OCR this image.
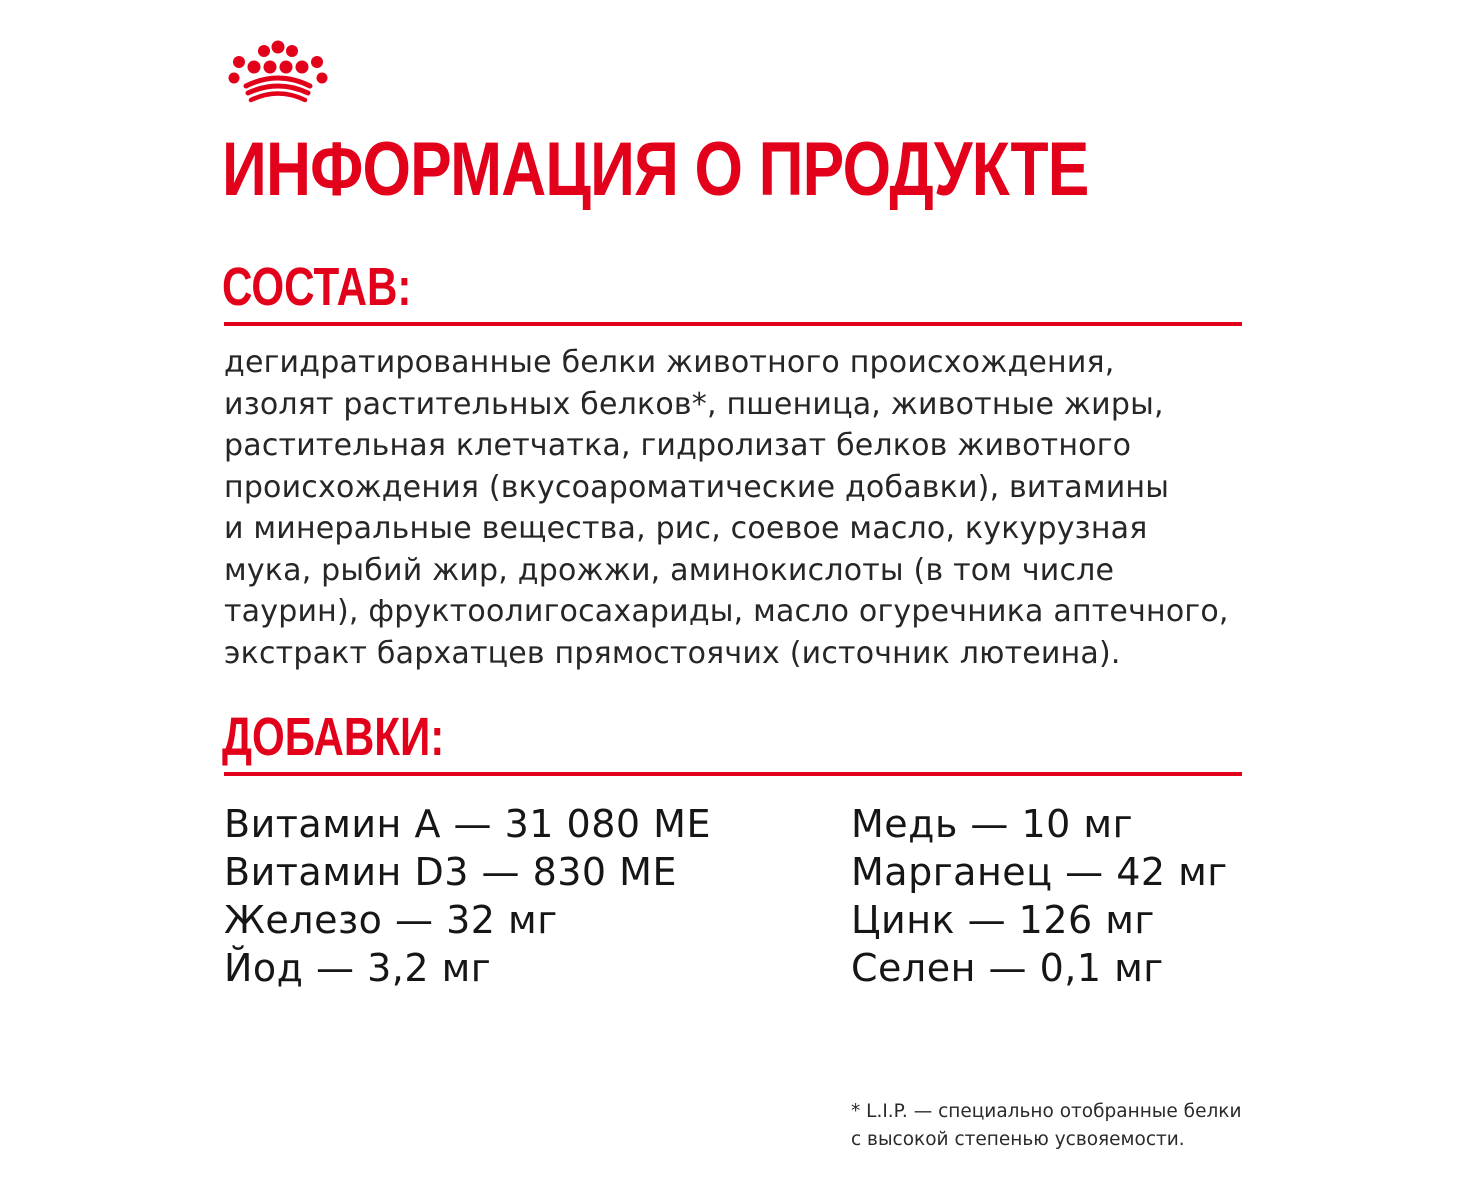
ИНФОРМАЦИЯ О ПРОДУКТЕ
СОСТАВ:

дегидратированные белки животного происхождения,
изолят растительных белков*, пшеница, животные жиры,
растительная клетчатка, гидролизат белков животного
происхождения (вкусоароматические добавки), витамины
и минеральные вещества, рис, соевое масло, кукурузная
мука, рыбий жир, дрожжи, аминокислоты (в том числе
таурин), фруктоолигосахариды, масло огуречника аптечного,
экстракт бархатцев прямостоячих (источник лютеина).

ДОБАВКИ:
Витамин A — 31 080 МЕ
Витамин D3 — 830 МЕ
Железо — 32 мг
Йод — 3,2 мг
Медь — 10 мг
Марганец — 42 мг
Цинк — 126 мг
Селен — 0,1 мг

* L.I.P. — специально отобранные белки
с высокой степенью усвояемости.
